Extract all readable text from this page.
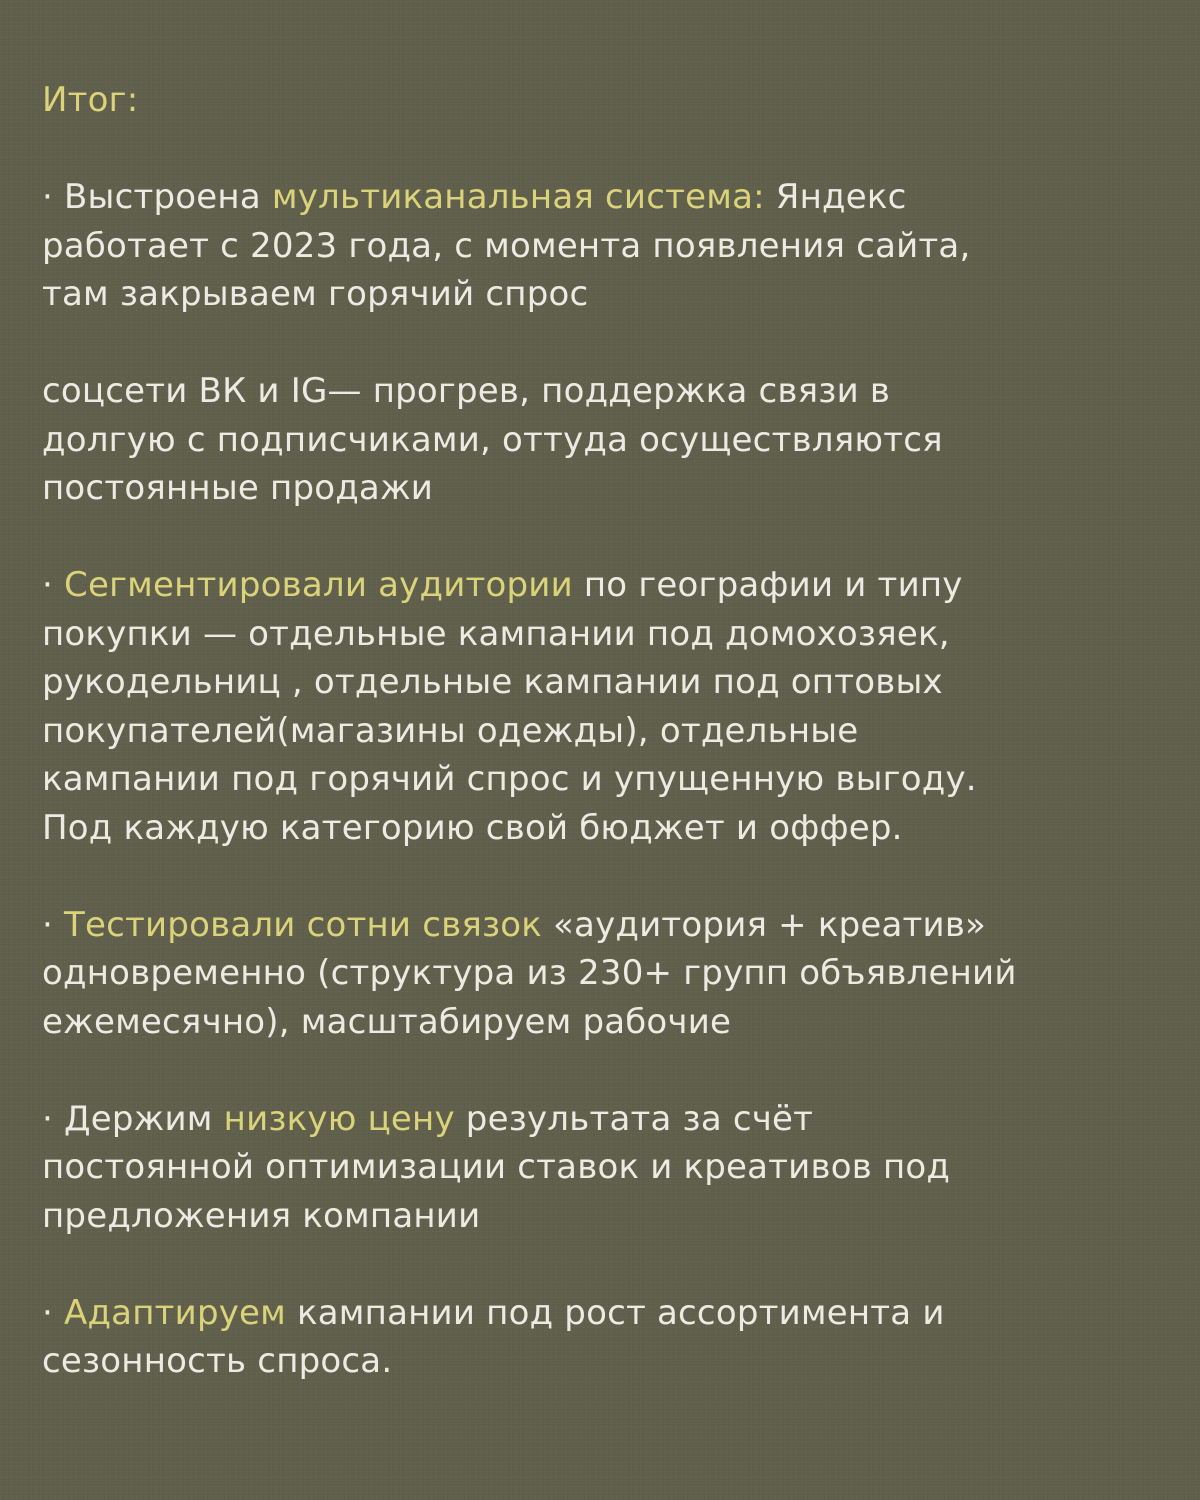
Итог:
· Выстроена мультиканальная система: Яндекс
работает с 2023 года, с момента появления сайта,
там закрываем горячий спрос
соцсети ВК и IG— прогрев, поддержка связи в
долгую с подписчиками, оттуда осуществляются
постоянные продажи
· Сегментировали аудитории по географии и типу
покупки — отдельные кампании под домохозяек,
рукодельниц , отдельные кампании под оптовых
покупателей(магазины одежды), отдельные
кампании под горячий спрос и упущенную выгоду.
Под каждую категорию свой бюджет и оффер.
· Тестировали сотни связок «аудитория + креатив»
одновременно (структура из 230+ групп объявлений
ежемесячно), масштабируем рабочие
· Держим низкую цену результата за счёт
постоянной оптимизации ставок и креативов под
предложения компании
· Адаптируем кампании под рост ассортимента и
сезонность спроса.
